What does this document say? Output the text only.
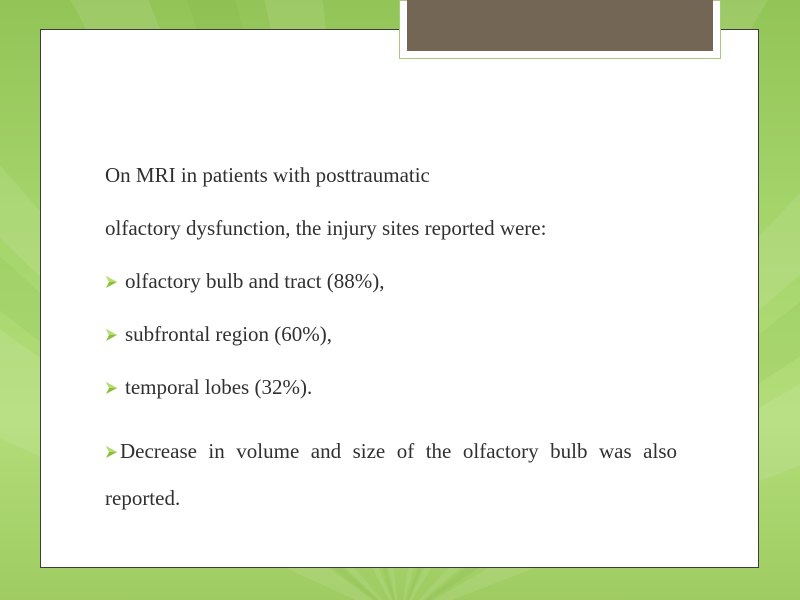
On MRI in patients with posttraumatic

olfactory dysfunction, the injury sites reported were:

olfactory bulb and tract (88%),

subfrontal region (60%),

temporal lobes (32%).

Decrease in volume and size of the olfactory bulb was also reported.
